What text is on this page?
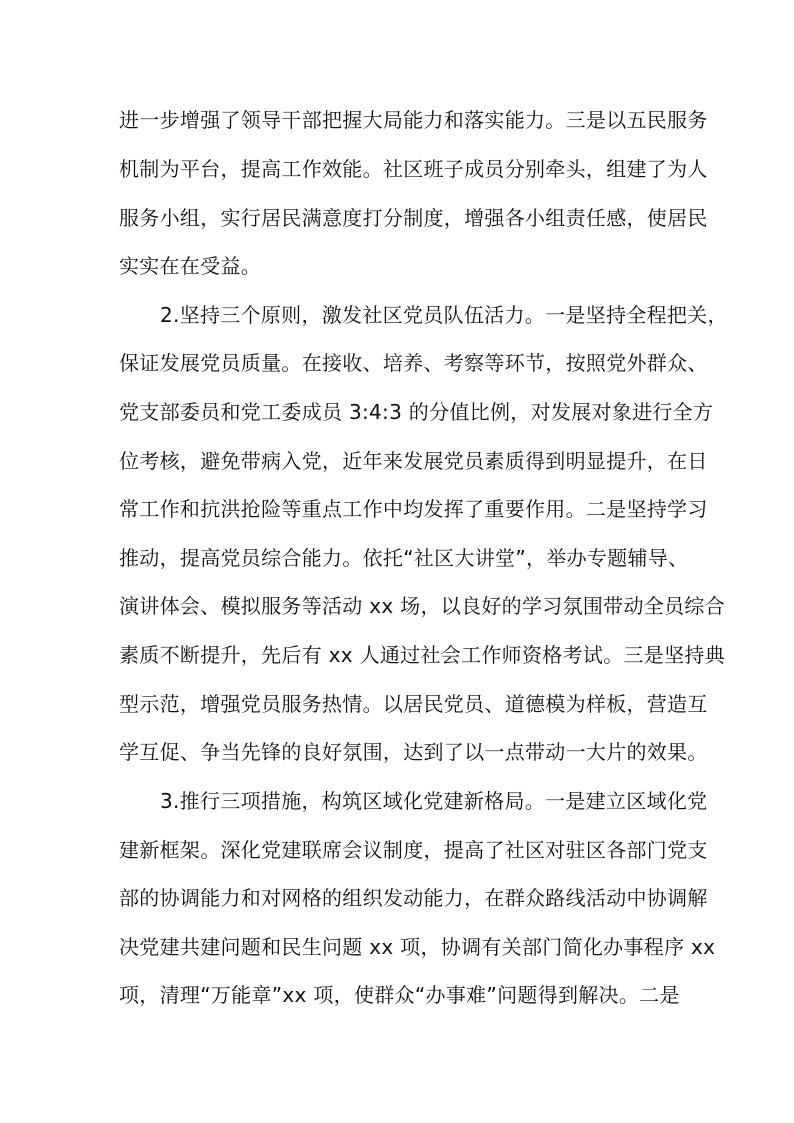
进一步增强了领导干部把握大局能力和落实能力。三是以五民服务
机制为平台，提高工作效能。社区班子成员分别牵头，组建了为人
服务小组，实行居民满意度打分制度，增强各小组责任感，使居民
实实在在受益。
2.坚持三个原则，激发社区党员队伍活力。一是坚持全程把关，
保证发展党员质量。在接收、培养、考察等环节，按照党外群众、
党支部委员和党工委成员 3:4:3 的分值比例，对发展对象进行全方
位考核，避免带病入党，近年来发展党员素质得到明显提升，在日
常工作和抗洪抢险等重点工作中均发挥了重要作用。二是坚持学习
推动，提高党员综合能力。依托“社区大讲堂”，举办专题辅导、
演讲体会、模拟服务等活动 xx 场，以良好的学习氛围带动全员综合
素质不断提升，先后有 xx 人通过社会工作师资格考试。三是坚持典
型示范，增强党员服务热情。以居民党员、道德模为样板，营造互
学互促、争当先锋的良好氛围，达到了以一点带动一大片的效果。
3.推行三项措施，构筑区域化党建新格局。一是建立区域化党
建新框架。深化党建联席会议制度，提高了社区对驻区各部门党支
部的协调能力和对网格的组织发动能力，在群众路线活动中协调解
决党建共建问题和民生问题 xx 项，协调有关部门简化办事程序 xx
项，清理“万能章”xx 项，使群众“办事难”问题得到解决。二是
